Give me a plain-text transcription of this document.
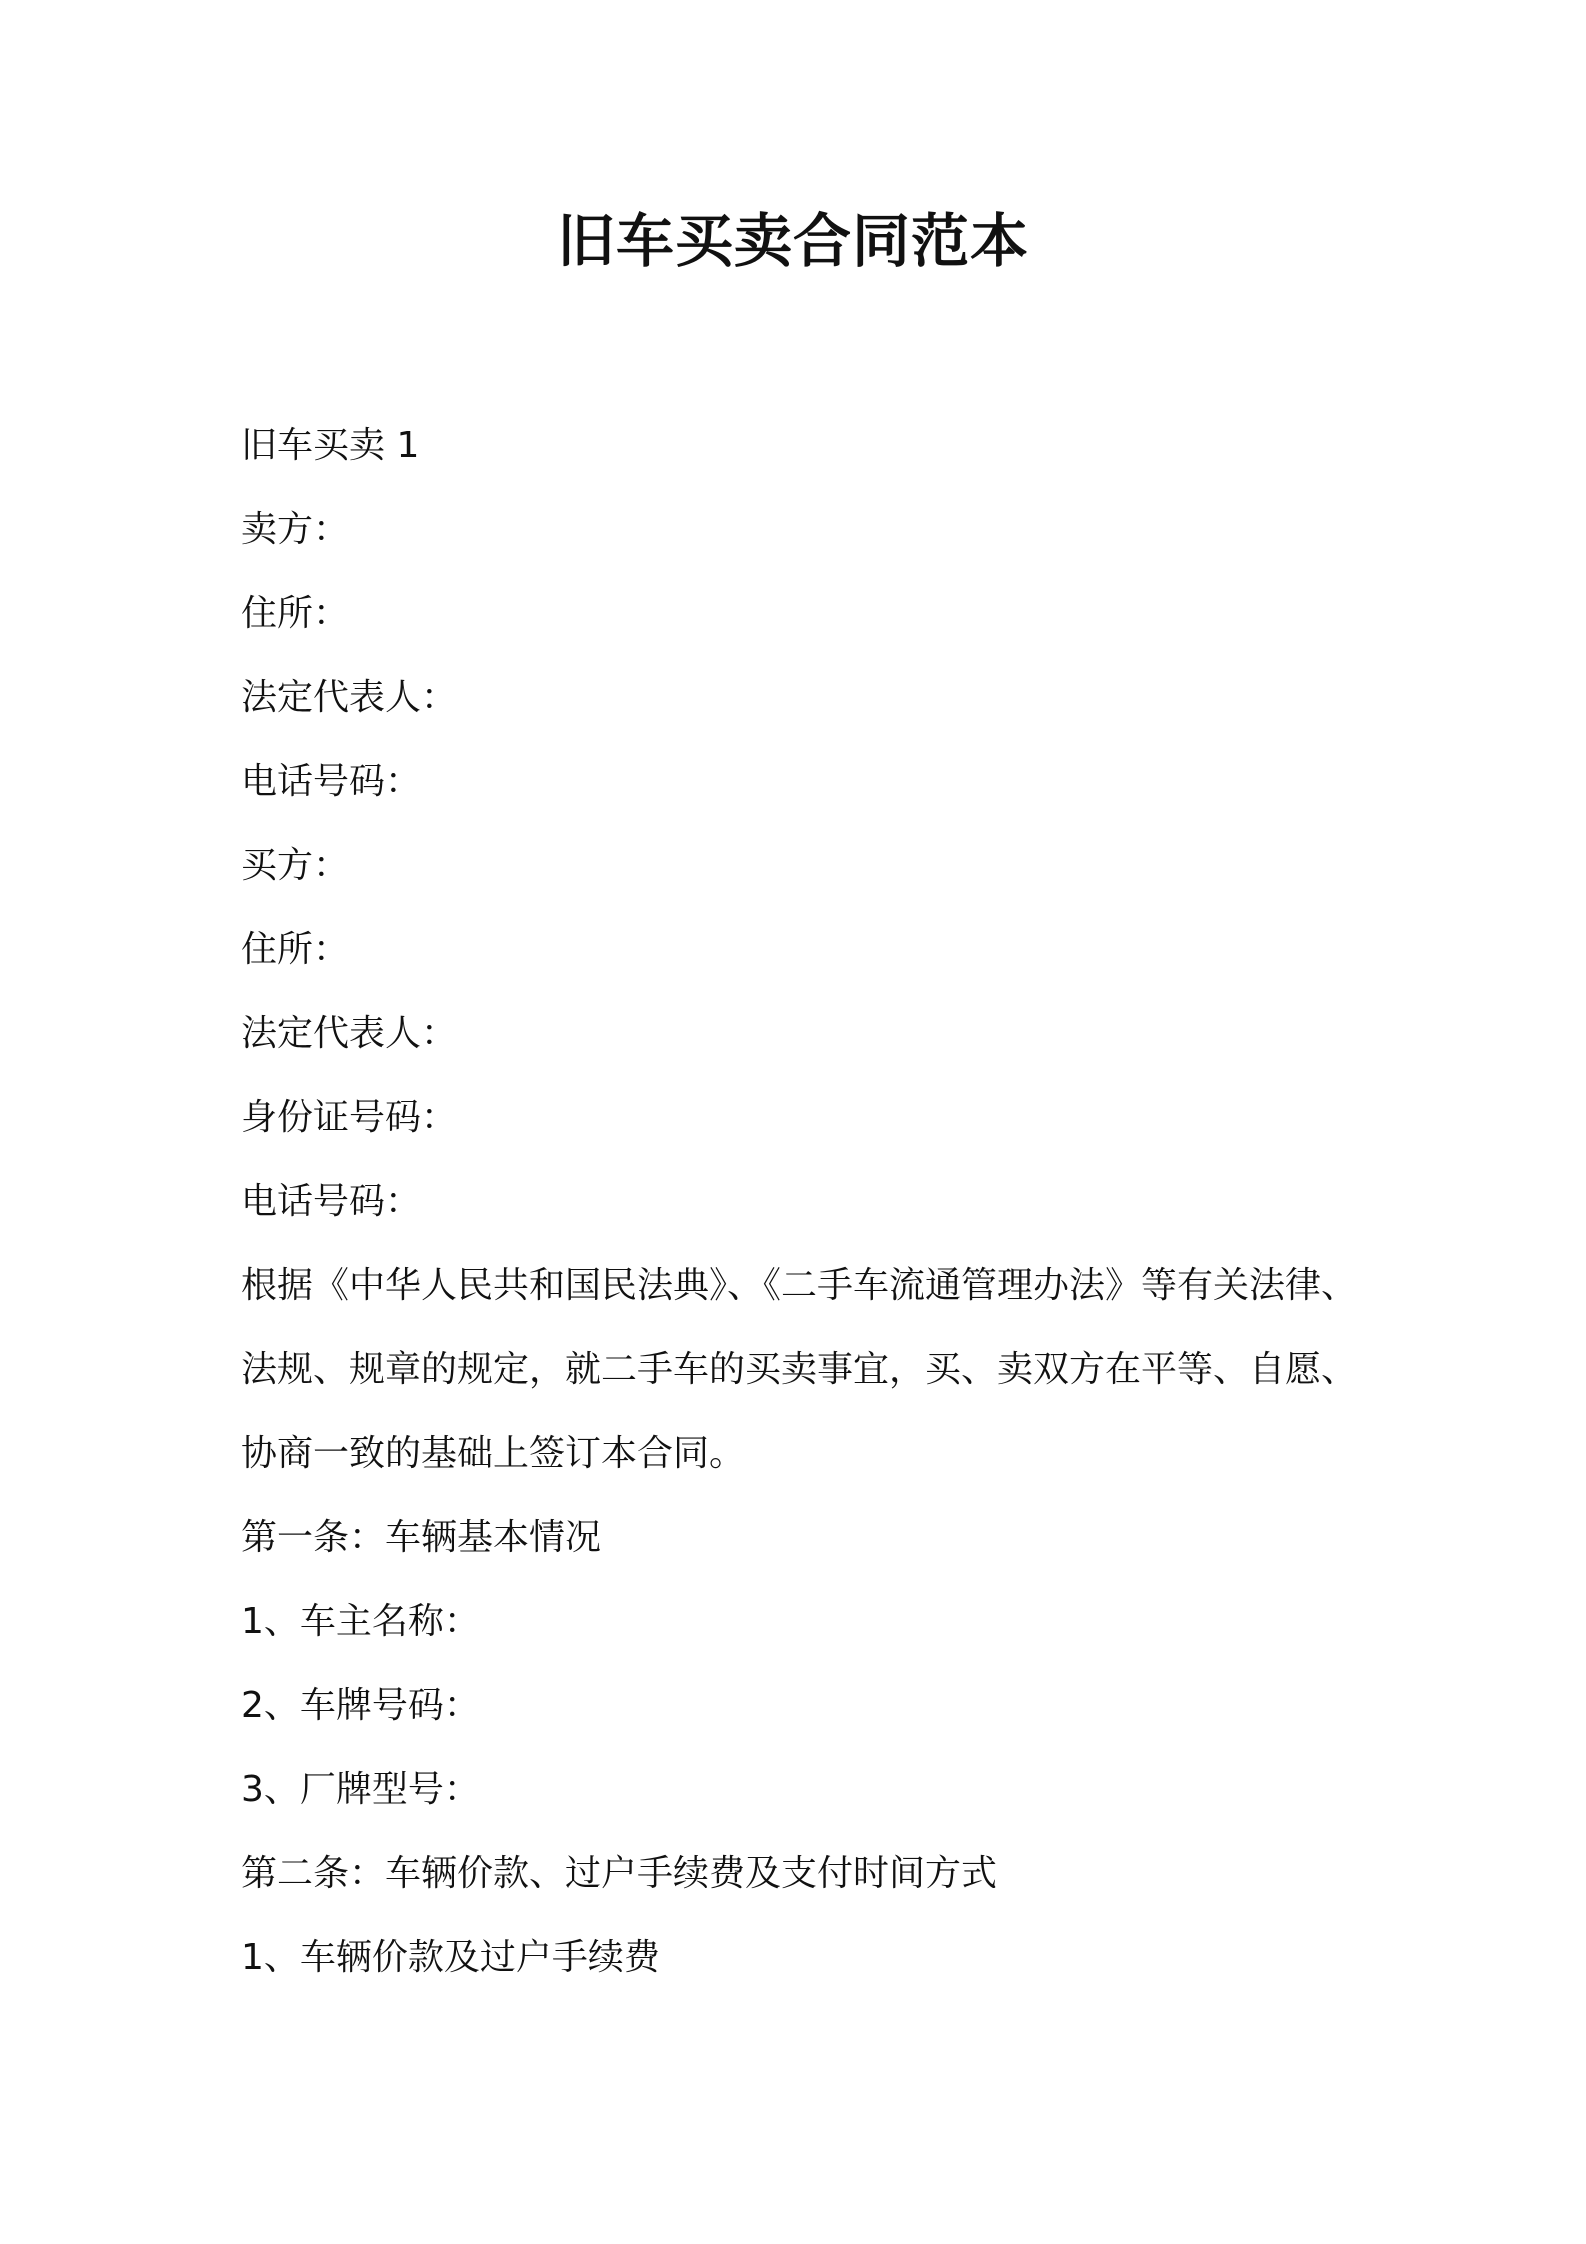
旧车买卖合同范本

旧车买卖 1

卖方：

住所：

法定代表人：

电话号码：

买方：

住所：

法定代表人：

身份证号码：

电话号码：

根据《中华人民共和国民法典》、《二手车流通管理办法》等有关法律、

法规、规章的规定，就二手车的买卖事宜，买、卖双方在平等、自愿、

协商一致的基础上签订本合同。

第一条：车辆基本情况

1、车主名称：

2、车牌号码：

3、厂牌型号：

第二条：车辆价款、过户手续费及支付时间方式

1、车辆价款及过户手续费
